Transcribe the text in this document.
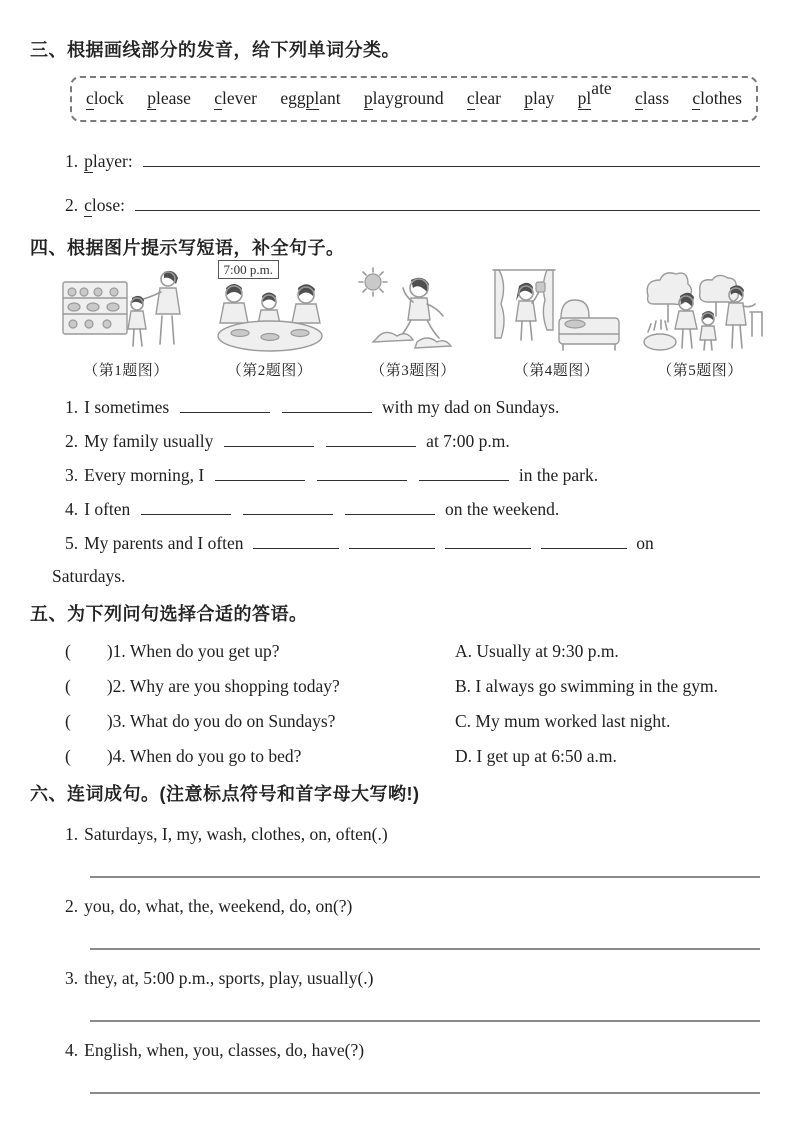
三、根据画线部分的发音，给下列单词分类。
clock please clever eggplant playground clear play plate class clothes
1. player:
2. close:
四、根据图片提示写短语，补全句子。
（第1题图）
7:00 p.m.
（第2题图）	（第3题图）	（第4题图）	（第5题图）
1. I sometimes	with my dad on Sundays.
2. My family usually	at 7:00 p.m.
3. Every morning, I	in the park.
4. I often	on the weekend.
5. My parents and I often	on
Saturdays.
五、为下列问句选择合适的答语。
( )1. When do you get up?	A. Usually at 9:30 p.m.
( )2. Why are you shopping today?	B. I always go swimming in the gym.
( )3. What do you do on Sundays?	C. My mum worked last night.
( )4. When do you go to bed?	D. I get up at 6:50 a.m.
六、连词成句。(注意标点符号和首字母大写哟!)
1. Saturdays, I, my, wash, clothes, on, often(.)
2. you, do, what, the, weekend, do, on(?)
3. they, at, 5:00 p.m., sports, play, usually(.)
4. English, when, you, classes, do, have(?)
